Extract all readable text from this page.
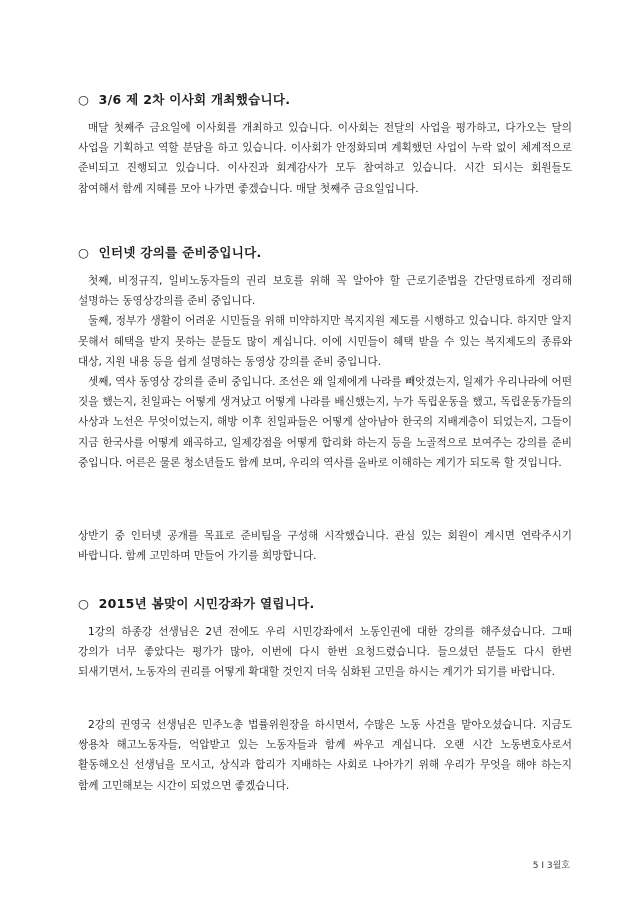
○ 3/6 제 2차 이사회 개최했습니다.

매달 첫째주 금요일에 이사회를 개최하고 있습니다. 이사회는 전달의 사업을 평가하고, 다가오는 달의 사업을 기획하고 역할 분담을 하고 있습니다. 이사회가 안정화되며 계획했던 사업이 누락 없이 체계적으로 준비되고 진행되고 있습니다. 이사진과 회계감사가 모두 참여하고 있습니다. 시간 되시는 회원들도 참여해서 함께 지혜를 모아 나가면 좋겠습니다. 매달 첫째주 금요일입니다.

○ 인터넷 강의를 준비중입니다.

첫째, 비정규직, 일비노동자들의 권리 보호를 위해 꼭 알아야 할 근로기준법을 간단명료하게 정리해 설명하는 동영상강의를 준비 중입니다.

둘째, 정부가 생활이 어려운 시민들을 위해 미약하지만 복지지원 제도를 시행하고 있습니다. 하지만 알지 못해서 혜택을 받지 못하는 분들도 많이 계십니다. 이에 시민들이 혜택 받을 수 있는 복지제도의 종류와 대상, 지원 내용 등을 쉽게 설명하는 동영상 강의를 준비 중입니다.

셋째, 역사 동영상 강의를 준비 중입니다. 조선은 왜 일제에게 나라를 빼앗겼는지, 일제가 우리나라에 어떤 짓을 했는지, 친일파는 어떻게 생겨났고 어떻게 나라를 배신했는지, 누가 독립운동을 했고, 독립운동가들의 사상과 노선은 무엇이었는지, 해방 이후 친일파들은 어떻게 살아남아 한국의 지배계층이 되었는지, 그들이 지금 한국사를 어떻게 왜곡하고, 일제강점을 어떻게 합리화 하는지 등을 노골적으로 보여주는 강의를 준비 중입니다. 어른은 물론 청소년들도 함께 보며, 우리의 역사를 올바로 이해하는 계기가 되도록 할 것입니다.

상반기 중 인터넷 공개를 목표로 준비팀을 구성해 시작했습니다. 관심 있는 회원이 계시면 연락주시기 바랍니다. 함께 고민하며 만들어 가기를 희망합니다.

○ 2015년 봄맞이 시민강좌가 열립니다.

1강의 하종강 선생님은 2년 전에도 우리 시민강좌에서 노동인권에 대한 강의를 해주셨습니다. 그때 강의가 너무 좋았다는 평가가 많아, 이번에 다시 한번 요청드렸습니다. 들으셨던 분들도 다시 한번 되새기면서, 노동자의 권리를 어떻게 확대할 것인지 더욱 심화된 고민을 하시는 계기가 되기를 바랍니다.

2강의 권영국 선생님은 민주노총 법률위원장을 하시면서, 수많은 노동 사건을 맡아오셨습니다. 지금도 쌍용차 해고노동자들, 억압받고 있는 노동자들과 함께 싸우고 계십니다. 오랜 시간 노동변호사로서 활동해오신 선생님을 모시고, 상식과 합리가 지배하는 사회로 나아가기 위해 우리가 무엇을 해야 하는지 함께 고민해보는 시간이 되었으면 좋겠습니다.

5 I 3월호
